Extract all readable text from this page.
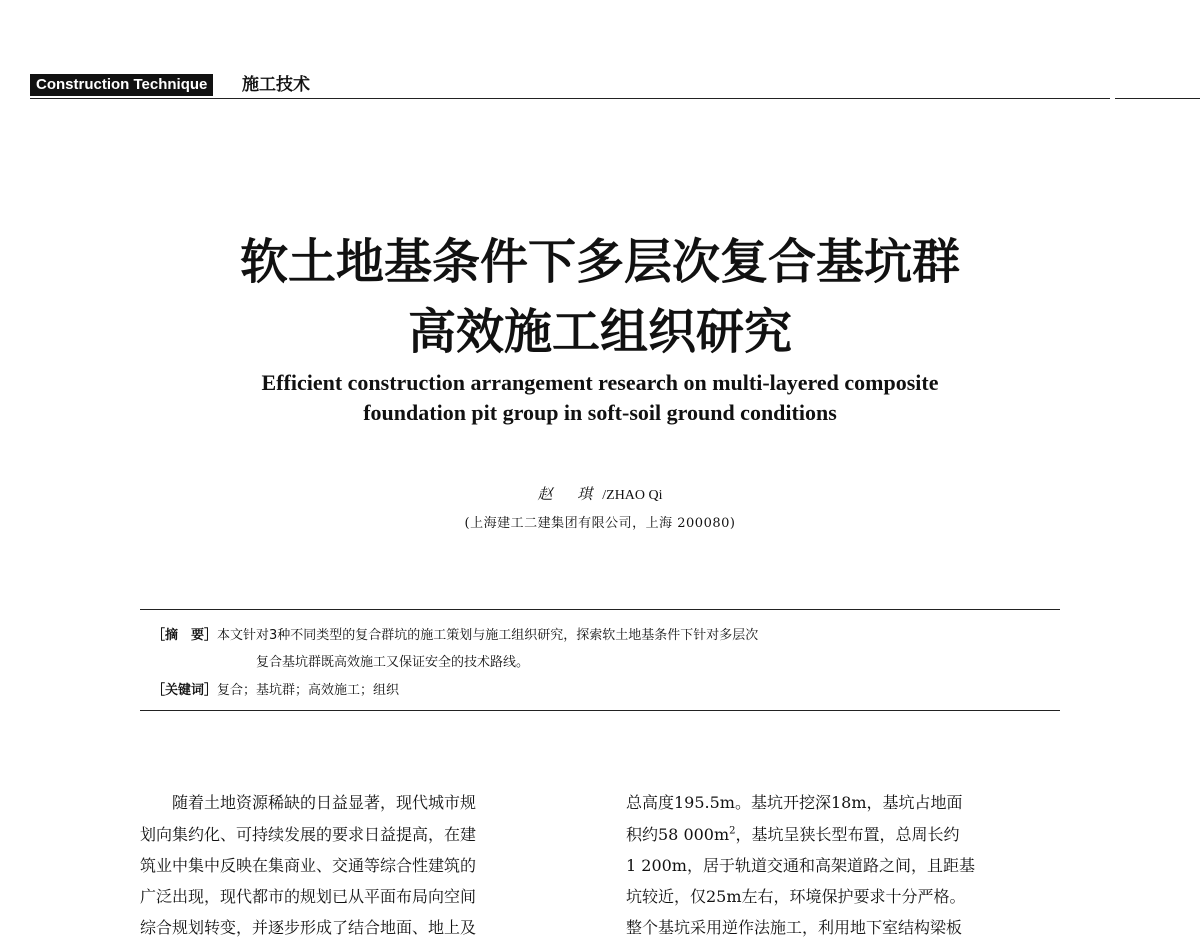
Construction Technique	施工技术
软土地基条件下多层次复合基坑群
高效施工组织研究
Efficient construction arrangement research on multi-layered composite
foundation pit group in soft-soil ground conditions
赵 琪/ZHAO Qi
(上海建工二建集团有限公司，上海 200080)
［摘　要］本文针对3种不同类型的复合群坑的施工策划与施工组织研究，探索软土地基条件下针对多层次
复合基坑群既高效施工又保证安全的技术路线。
［关键词］复合；基坑群；高效施工；组织
随着土地资源稀缺的日益显著，现代城市规
划向集约化、可持续发展的要求日益提高，在建
筑业中集中反映在集商业、交通等综合性建筑的
广泛出现，现代都市的规划已从平面布局向空间
综合规划转变，并逐步形成了结合地面、地上及
总高度195.5m。基坑开挖深18m，基坑占地面
积约58 $000m^2$，基坑呈狭长型布置，总周长约
1 200m，居于轨道交通和高架道路之间，且距基
坑较近，仅25m左右，环境保护要求十分严格。
整个基坑采用逆作法施工，利用地下室结构梁板
